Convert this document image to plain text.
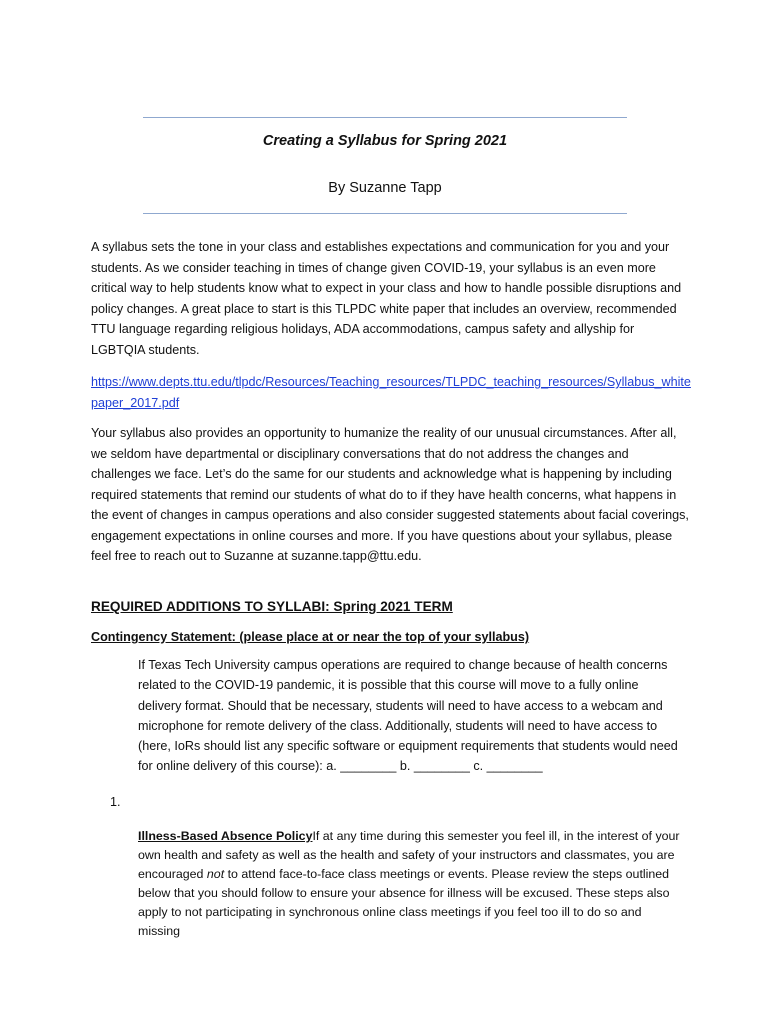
Creating a Syllabus for Spring 2021
By Suzanne Tapp

A syllabus sets the tone in your class and establishes expectations and communication for you and your students. As we consider teaching in times of change given COVID-19, your syllabus is an even more critical way to help students know what to expect in your class and how to handle possible disruptions and policy changes. A great place to start is this TLPDC white paper that includes an overview, recommended TTU language regarding religious holidays, ADA accommodations, campus safety and allyship for LGBTQIA students.

https://www.depts.ttu.edu/tlpdc/Resources/Teaching_resources/TLPDC_teaching_resources/Syllabus_whitepaper_2017.pdf

Your syllabus also provides an opportunity to humanize the reality of our unusual circumstances. After all, we seldom have departmental or disciplinary conversations that do not address the changes and challenges we face. Let’s do the same for our students and acknowledge what is happening by including required statements that remind our students of what do to if they have health concerns, what happens in the event of changes in campus operations and also consider suggested statements about facial coverings, engagement expectations in online courses and more. If you have questions about your syllabus, please feel free to reach out to Suzanne at suzanne.tapp@ttu.edu.

REQUIRED ADDITIONS TO SYLLABI: Spring 2021 TERM
Contingency Statement: (please place at or near the top of your syllabus)

If Texas Tech University campus operations are required to change because of health concerns related to the COVID-19 pandemic, it is possible that this course will move to a fully online delivery format. Should that be necessary, students will need to have access to a webcam and microphone for remote delivery of the class. Additionally, students will need to have access to (here, IoRs should list any specific software or equipment requirements that students would need for online delivery of this course): a. ________ b. ________ c. ________

1.

Illness-Based Absence PolicyIf at any time during this semester you feel ill, in the interest of your own health and safety as well as the health and safety of your instructors and classmates, you are encouraged not to attend face-to-face class meetings or events. Please review the steps outlined below that you should follow to ensure your absence for illness will be excused. These steps also apply to not participating in synchronous online class meetings if you feel too ill to do so and missing
